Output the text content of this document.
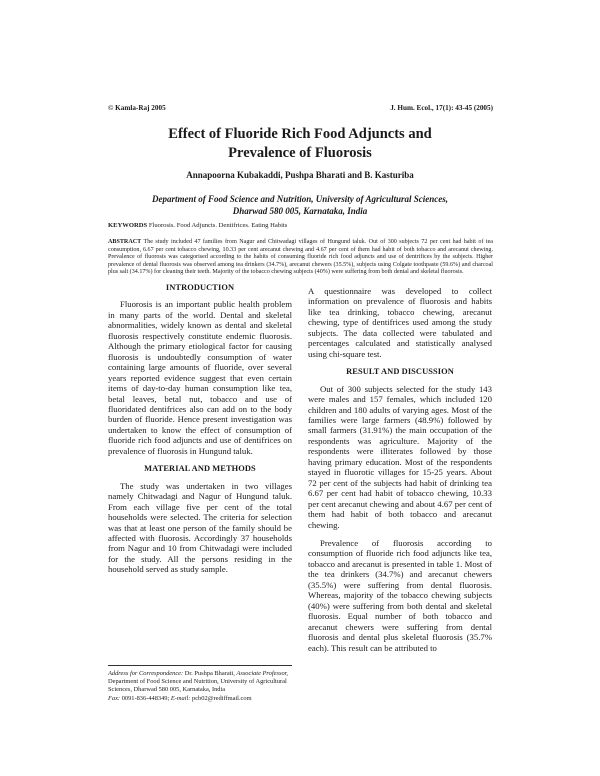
© Kamla-Raj 2005	J. Hum. Ecol., 17(1): 43-45 (2005)
Effect of Fluoride Rich Food Adjuncts and
Prevalence of Fluorosis
Annapoorna Kubakaddi, Pushpa Bharati and B. Kasturiba
Department of Food Science and Nutrition, University of Agricultural Sciences,
Dharwad 580 005, Karnataka, India
KEYWORDS Fluorosis. Food Adjuncts. Dentifrices. Eating Habits
ABSTRACT The study included 47 families from Nagur and Chitwadagi villages of Hungund taluk. Out of 300 subjects 72 per cent had habit of tea consumption, 6.67 per cent tobacco chewing, 10.33 per cent arecanut chewing and 4.67 per cent of them had habit of both tobacco and arecanut chewing. Prevalence of fluorosis was categorised according to the habits of consuming fluoride rich food adjuncts and use of dentrifices by the subjects. Higher prevalence of dental fluorosis was observed among tea drinkers (34.7%), arecanut chewers (35.5%), subjects using Colgate toothpaste (59.6%) and charcoal plus salt (34.17%) for cleaning their teeth. Majority of the tobacco chewing subjects (40%) were suffering from both dental and skeletal fluorosis.
INTRODUCTION

Fluorosis is an important public health problem in many parts of the world. Dental and skeletal abnormalities, widely known as dental and skeletal fluorosis respectively constitute endemic fluorosis. Although the primary etiological factor for causing fluorosis is undoubtedly consumption of water containing large amounts of fluoride, over several years reported evidence suggest that even certain items of day-to-day human consumption like tea, betal leaves, betal nut, tobacco and use of fluoridated dentifrices also can add on to the body burden of fluoride. Hence present investigation was undertaken to know the effect of consumption of fluoride rich food adjuncts and use of dentifrices on prevalence of fluorosis in Hungund taluk.

MATERIAL AND METHODS

The study was undertaken in two villages namely Chitwadagi and Nagur of Hungund taluk. From each village five per cent of the total households were selected. The criteria for selection was that at least one person of the family should be affected with fluorosis. Accordingly 37 households from Nagur and 10 from Chitwadagi were included for the study. All the persons residing in the household served as study sample.

Address for Correspondence: Dr. Pushpa Bharati, Associate Professor, Department of Food Science and Nutrition, University of Agricultural Sciences, Dharwad 580 005, Karnataka, India
Fax: 0091-836-448349; E-mail: pcb02@rediffmail.com

A questionnaire was developed to collect information on prevalence of fluorosis and habits like tea drinking, tobacco chewing, arecanut chewing, type of dentifrices used among the study subjects. The data collected were tabulated and percentages calculated and statistically analysed using chi-square test.

RESULT AND DISCUSSION

Out of 300 subjects selected for the study 143 were males and 157 females, which included 120 children and 180 adults of varying ages. Most of the families were large farmers (48.9%) followed by small farmers (31.91%) the main occupation of the respondents was agriculture. Majority of the respondents were illiterates followed by those having primary education. Most of the respondents stayed in fluorotic villages for 15-25 years. About 72 per cent of the subjects had habit of drinking tea 6.67 per cent had habit of tobacco chewing, 10.33 per cent arecanut chewing and about 4.67 per cent of them had habit of both tobacco and arecanut chewing.

Prevalence of fluorosis according to consumption of fluoride rich food adjuncts like tea, tobacco and arecanut is presented in table 1. Most of the tea drinkers (34.7%) and arecanut chewers (35.5%) were suffering from dental fluorosis. Whereas, majority of the tobacco chewing subjects (40%) were suffering from both dental and skeletal fluorosis. Equal number of both tobacco and arecanut chewers were suffering from dental fluorosis and dental plus skeletal fluorosis (35.7% each). This result can be attributed to
